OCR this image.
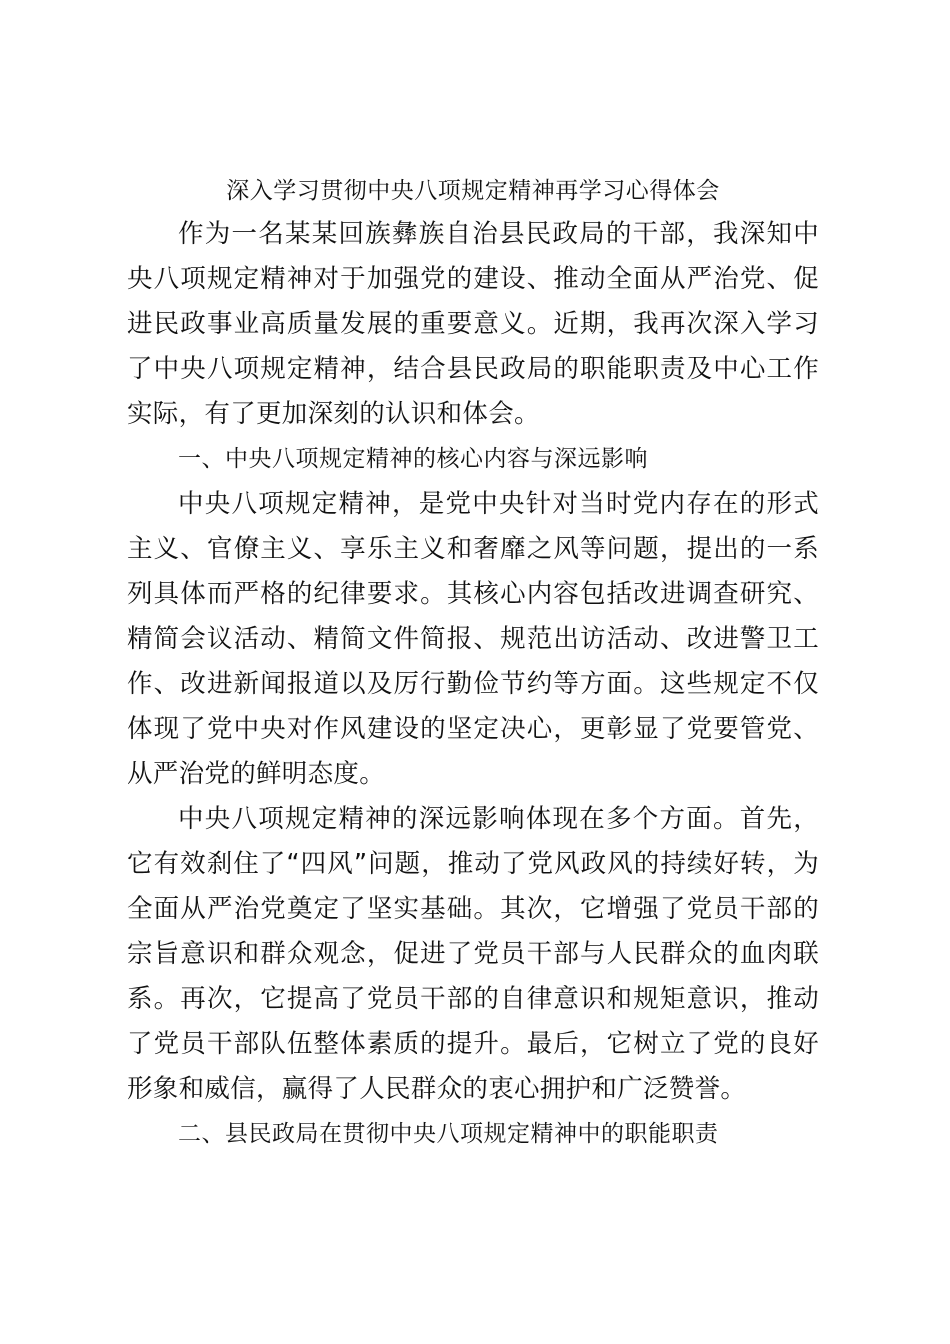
深入学习贯彻中央八项规定精神再学习心得体会

作为一名某某回族彝族自治县民政局的干部，我深知中央八项规定精神对于加强党的建设、推动全面从严治党、促进民政事业高质量发展的重要意义。近期，我再次深入学习了中央八项规定精神，结合县民政局的职能职责及中心工作实际，有了更加深刻的认识和体会。

一、中央八项规定精神的核心内容与深远影响

中央八项规定精神，是党中央针对当时党内存在的形式主义、官僚主义、享乐主义和奢靡之风等问题，提出的一系列具体而严格的纪律要求。其核心内容包括改进调查研究、精简会议活动、精简文件简报、规范出访活动、改进警卫工作、改进新闻报道以及厉行勤俭节约等方面。这些规定不仅体现了党中央对作风建设的坚定决心，更彰显了党要管党、从严治党的鲜明态度。

中央八项规定精神的深远影响体现在多个方面。首先，它有效刹住了“四风”问题，推动了党风政风的持续好转，为全面从严治党奠定了坚实基础。其次，它增强了党员干部的宗旨意识和群众观念，促进了党员干部与人民群众的血肉联系。再次，它提高了党员干部的自律意识和规矩意识，推动了党员干部队伍整体素质的提升。最后，它树立了党的良好形象和威信，赢得了人民群众的衷心拥护和广泛赞誉。

二、县民政局在贯彻中央八项规定精神中的职能职责
